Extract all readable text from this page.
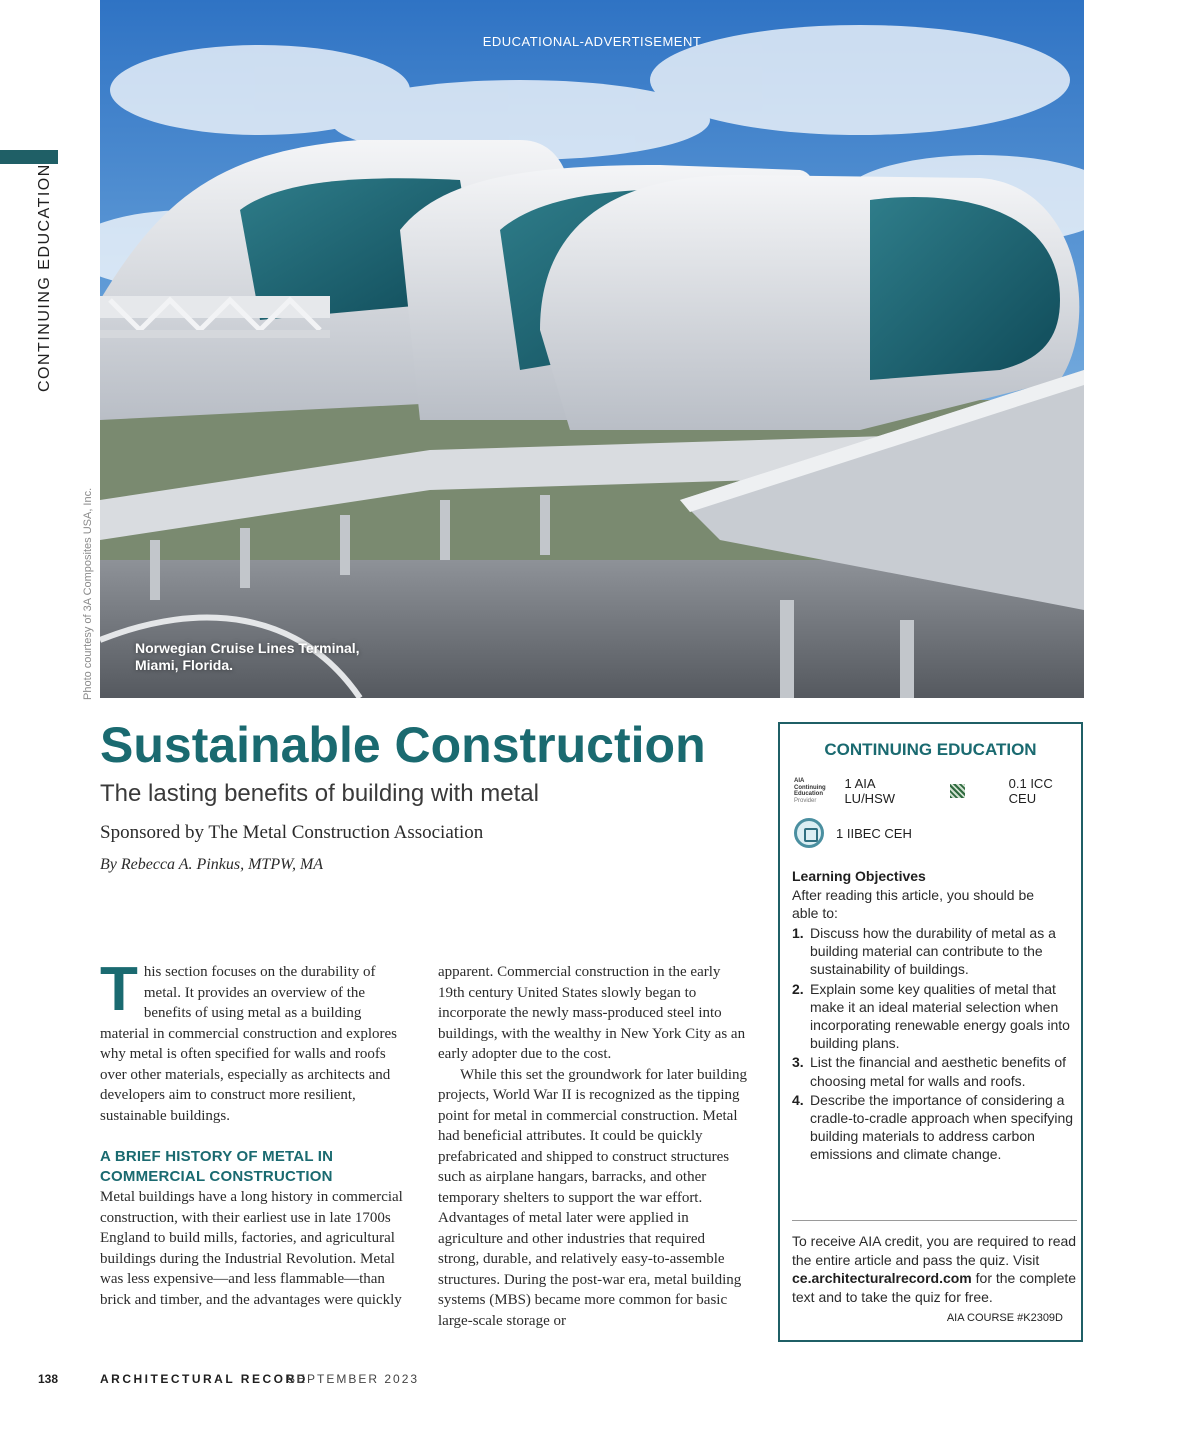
CONTINUING EDUCATION
Photo courtesy of 3A Composites USA, Inc.
EDUCATIONAL-ADVERTISEMENT
Norwegian Cruise Lines Terminal,
Miami, Florida.
Sustainable Construction
The lasting benefits of building with metal
Sponsored by The Metal Construction Association
By Rebecca A. Pinkus, MTPW, MA

This section focuses on the durability of metal. It provides an overview of the benefits of using metal as a building material in commercial construction and explores why metal is often specified for walls and roofs over other materials, especially as architects and developers aim to construct more resilient, sustainable buildings.

A BRIEF HISTORY OF METAL IN COMMERCIAL CONSTRUCTION

Metal buildings have a long history in commercial construction, with their earliest use in late 1700s England to build mills, factories, and agricultural buildings during the Industrial Revolution. Metal was less expensive—and less flammable—than brick and timber, and the advantages were quickly

apparent. Commercial construction in the early 19th century United States slowly began to incorporate the newly mass-produced steel into buildings, with the wealthy in New York City as an early adopter due to the cost.

While this set the groundwork for later building projects, World War II is recognized as the tipping point for metal in commercial construction. Metal had beneficial attributes. It could be quickly prefabricated and shipped to construct structures such as airplane hangars, barracks, and other temporary shelters to support the war effort. Advantages of metal later were applied in agriculture and other industries that required strong, durable, and relatively easy-to-assemble structures. During the post-war era, metal building systems (MBS) became more common for basic large-scale storage or

CONTINUING EDUCATION
AIA
Continuing
Education
Provider
1 AIA LU/HSW
0.1 ICC CEU
1 IIBEC CEH
Learning Objectives
After reading this article, you should be able to:
1. Discuss how the durability of metal as a building material can contribute to the sustainability of buildings.
2. Explain some key qualities of metal that make it an ideal material selection when incorporating renewable energy goals into building plans.
3. List the financial and aesthetic benefits of choosing metal for walls and roofs.
4. Describe the importance of considering a cradle-to-cradle approach when specifying building materials to address carbon emissions and climate change.
To receive AIA credit, you are required to read the entire article and pass the quiz. Visit ce.architecturalrecord.com for the complete text and to take the quiz for free.
AIA COURSE #K2309D
138	ARCHITECTURAL RECORD
SEPTEMBER 2023
